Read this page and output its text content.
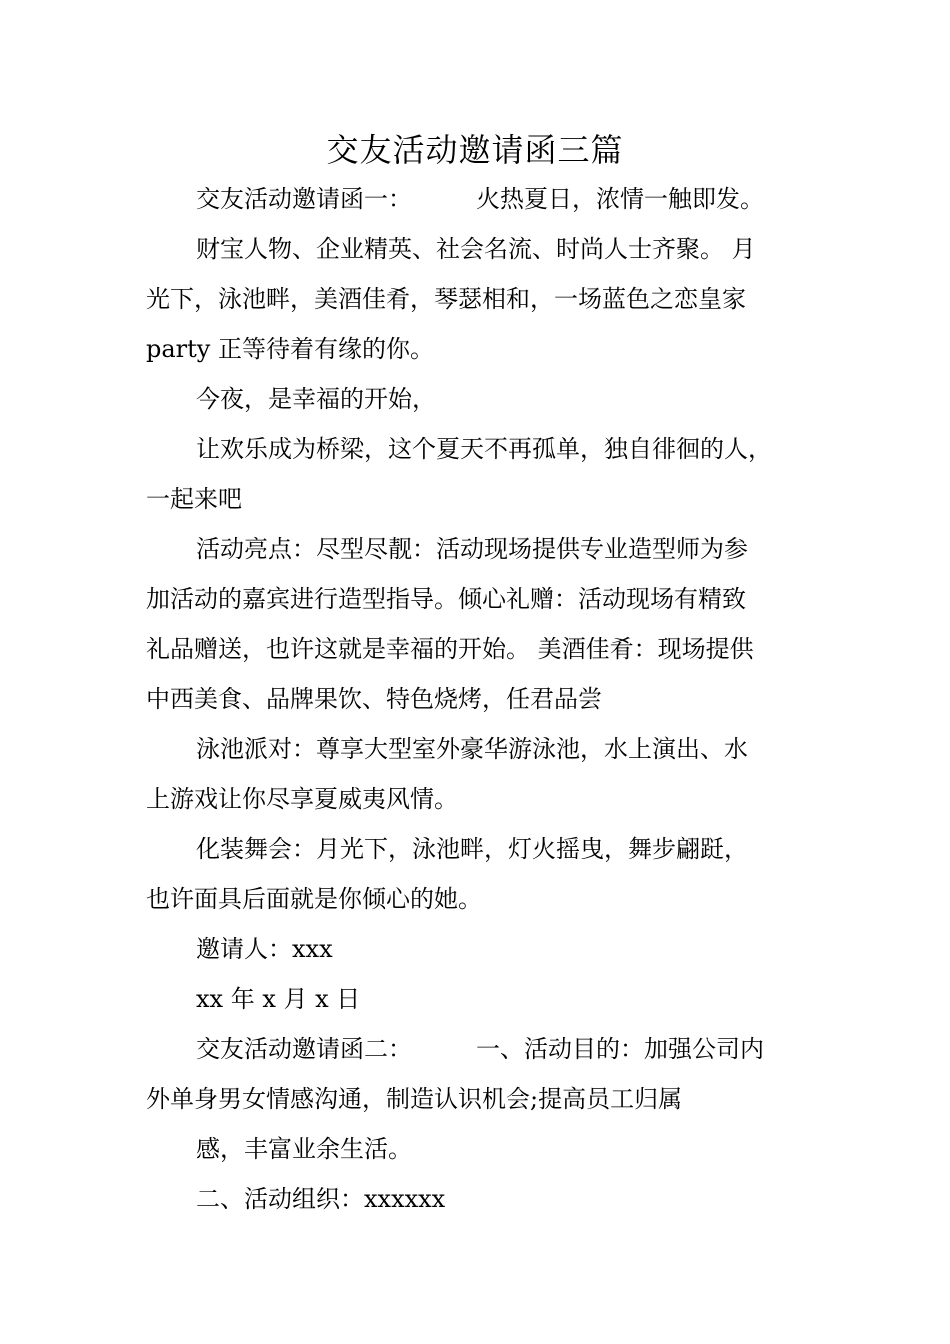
交友活动邀请函三篇
交友活动邀请函一：	火热夏日，浓情一触即发。
财宝人物、企业精英、社会名流、时尚人士齐聚。 月
光下，泳池畔，美酒佳肴，琴瑟相和，一场蓝色之恋皇家
party 正等待着有缘的你。
今夜，是幸福的开始，
让欢乐成为桥梁，这个夏天不再孤单，独自徘徊的人，
一起来吧
活动亮点：尽型尽靓：活动现场提供专业造型师为参
加活动的嘉宾进行造型指导。倾心礼赠：活动现场有精致
礼品赠送，也许这就是幸福的开始。 美酒佳肴：现场提供
中西美食、品牌果饮、特色烧烤，任君品尝
泳池派对：尊享大型室外豪华游泳池，水上演出、水
上游戏让你尽享夏威夷风情。
化装舞会：月光下，泳池畔，灯火摇曳，舞步翩跹，
也许面具后面就是你倾心的她。
邀请人：xxx
xx 年 x 月 x 日
交友活动邀请函二：	一、活动目的：加强公司内
外单身男女情感沟通，制造认识机会;提高员工归属
感，丰富业余生活。
二、活动组织：xxxxxx
